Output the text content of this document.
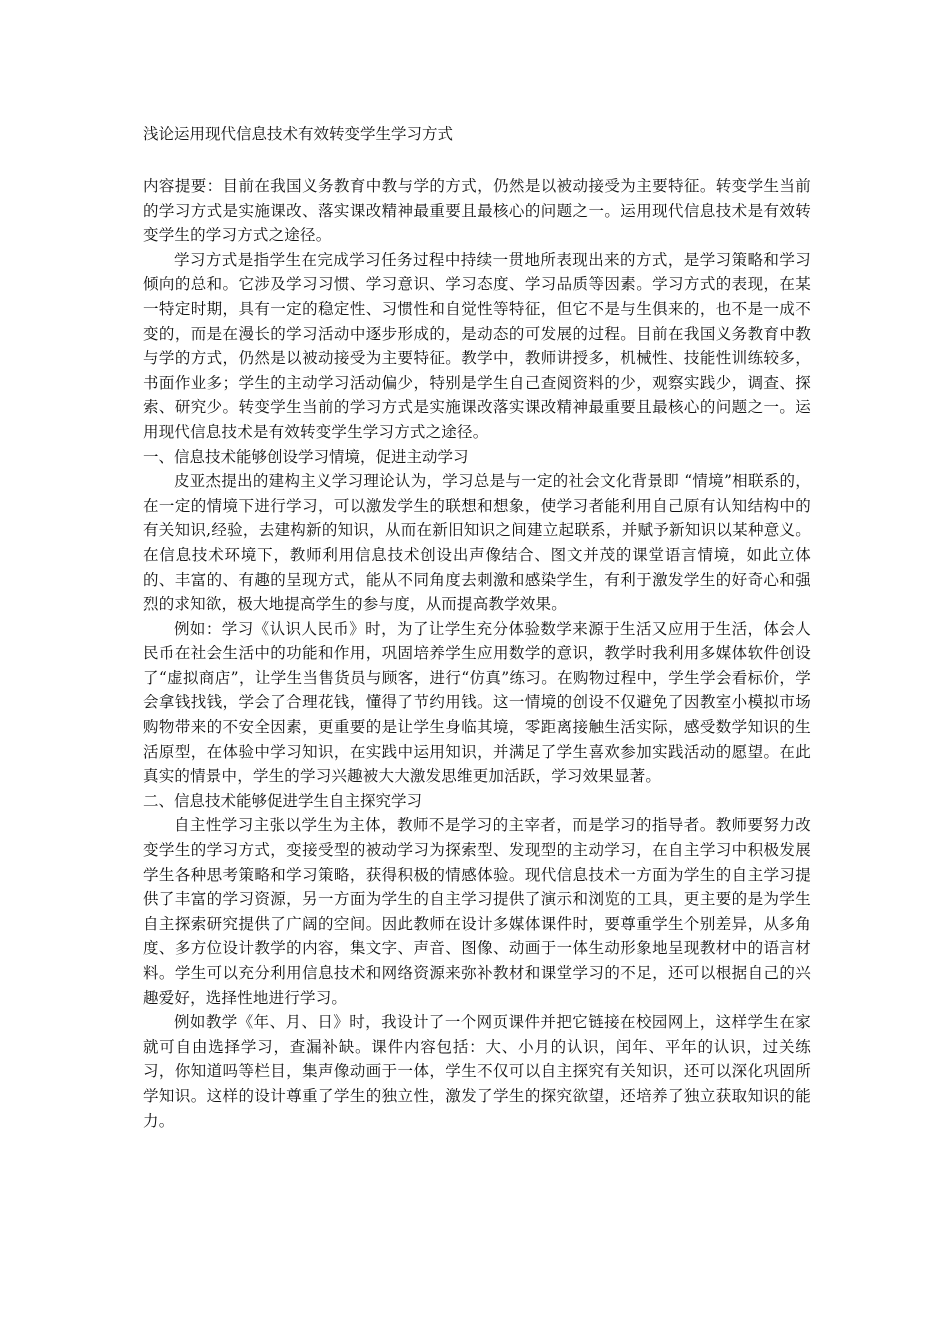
浅论运用现代信息技术有效转变学生学习方式

内容提要：目前在我国义务教育中教与学的方式，仍然是以被动接受为主要特征。转变学生当前的学习方式是实施课改、落实课改精神最重要且最核心的问题之一。运用现代信息技术是有效转变学生的学习方式之途径。

学习方式是指学生在完成学习任务过程中持续一贯地所表现出来的方式，是学习策略和学习倾向的总和。它涉及学习习惯、学习意识、学习态度、学习品质等因素。学习方式的表现，在某一特定时期，具有一定的稳定性、习惯性和自觉性等特征，但它不是与生俱来的，也不是一成不变的，而是在漫长的学习活动中逐步形成的，是动态的可发展的过程。目前在我国义务教育中教与学的方式，仍然是以被动接受为主要特征。教学中，教师讲授多，机械性、技能性训练较多，书面作业多；学生的主动学习活动偏少，特别是学生自己查阅资料的少，观察实践少，调查、探索、研究少。转变学生当前的学习方式是实施课改落实课改精神最重要且最核心的问题之一。运用现代信息技术是有效转变学生学习方式之途径。

一、信息技术能够创设学习情境，促进主动学习

皮亚杰提出的建构主义学习理论认为，学习总是与一定的社会文化背景即 “情境”相联系的，在一定的情境下进行学习，可以激发学生的联想和想象，使学习者能利用自己原有认知结构中的有关知识,经验，去建构新的知识，从而在新旧知识之间建立起联系，并赋予新知识以某种意义。在信息技术环境下，教师利用信息技术创设出声像结合、图文并茂的课堂语言情境，如此立体的、丰富的、有趣的呈现方式，能从不同角度去刺激和感染学生，有利于激发学生的好奇心和强烈的求知欲，极大地提高学生的参与度，从而提高教学效果。

例如：学习《认识人民币》时，为了让学生充分体验数学来源于生活又应用于生活，体会人民币在社会生活中的功能和作用，巩固培养学生应用数学的意识，教学时我利用多媒体软件创设了“虚拟商店”，让学生当售货员与顾客，进行“仿真”练习。在购物过程中，学生学会看标价，学会拿钱找钱，学会了合理花钱，懂得了节约用钱。这一情境的创设不仅避免了因教室小模拟市场购物带来的不安全因素，更重要的是让学生身临其境，零距离接触生活实际，感受数学知识的生活原型，在体验中学习知识，在实践中运用知识，并满足了学生喜欢参加实践活动的愿望。在此真实的情景中，学生的学习兴趣被大大激发思维更加活跃，学习效果显著。

二、信息技术能够促进学生自主探究学习

自主性学习主张以学生为主体，教师不是学习的主宰者，而是学习的指导者。教师要努力改变学生的学习方式，变接受型的被动学习为探索型、发现型的主动学习，在自主学习中积极发展学生各种思考策略和学习策略，获得积极的情感体验。现代信息技术一方面为学生的自主学习提供了丰富的学习资源，另一方面为学生的自主学习提供了演示和浏览的工具，更主要的是为学生自主探索研究提供了广阔的空间。因此教师在设计多媒体课件时，要尊重学生个别差异，从多角度、多方位设计教学的内容，集文字、声音、图像、动画于一体生动形象地呈现教材中的语言材料。学生可以充分利用信息技术和网络资源来弥补教材和课堂学习的不足，还可以根据自己的兴趣爱好，选择性地进行学习。

例如教学《年、月、日》时，我设计了一个网页课件并把它链接在校园网上，这样学生在家就可自由选择学习，查漏补缺。课件内容包括：大、小月的认识，闰年、平年的认识，过关练习，你知道吗等栏目，集声像动画于一体，学生不仅可以自主探究有关知识，还可以深化巩固所学知识。这样的设计尊重了学生的独立性，激发了学生的探究欲望，还培养了独立获取知识的能力。
